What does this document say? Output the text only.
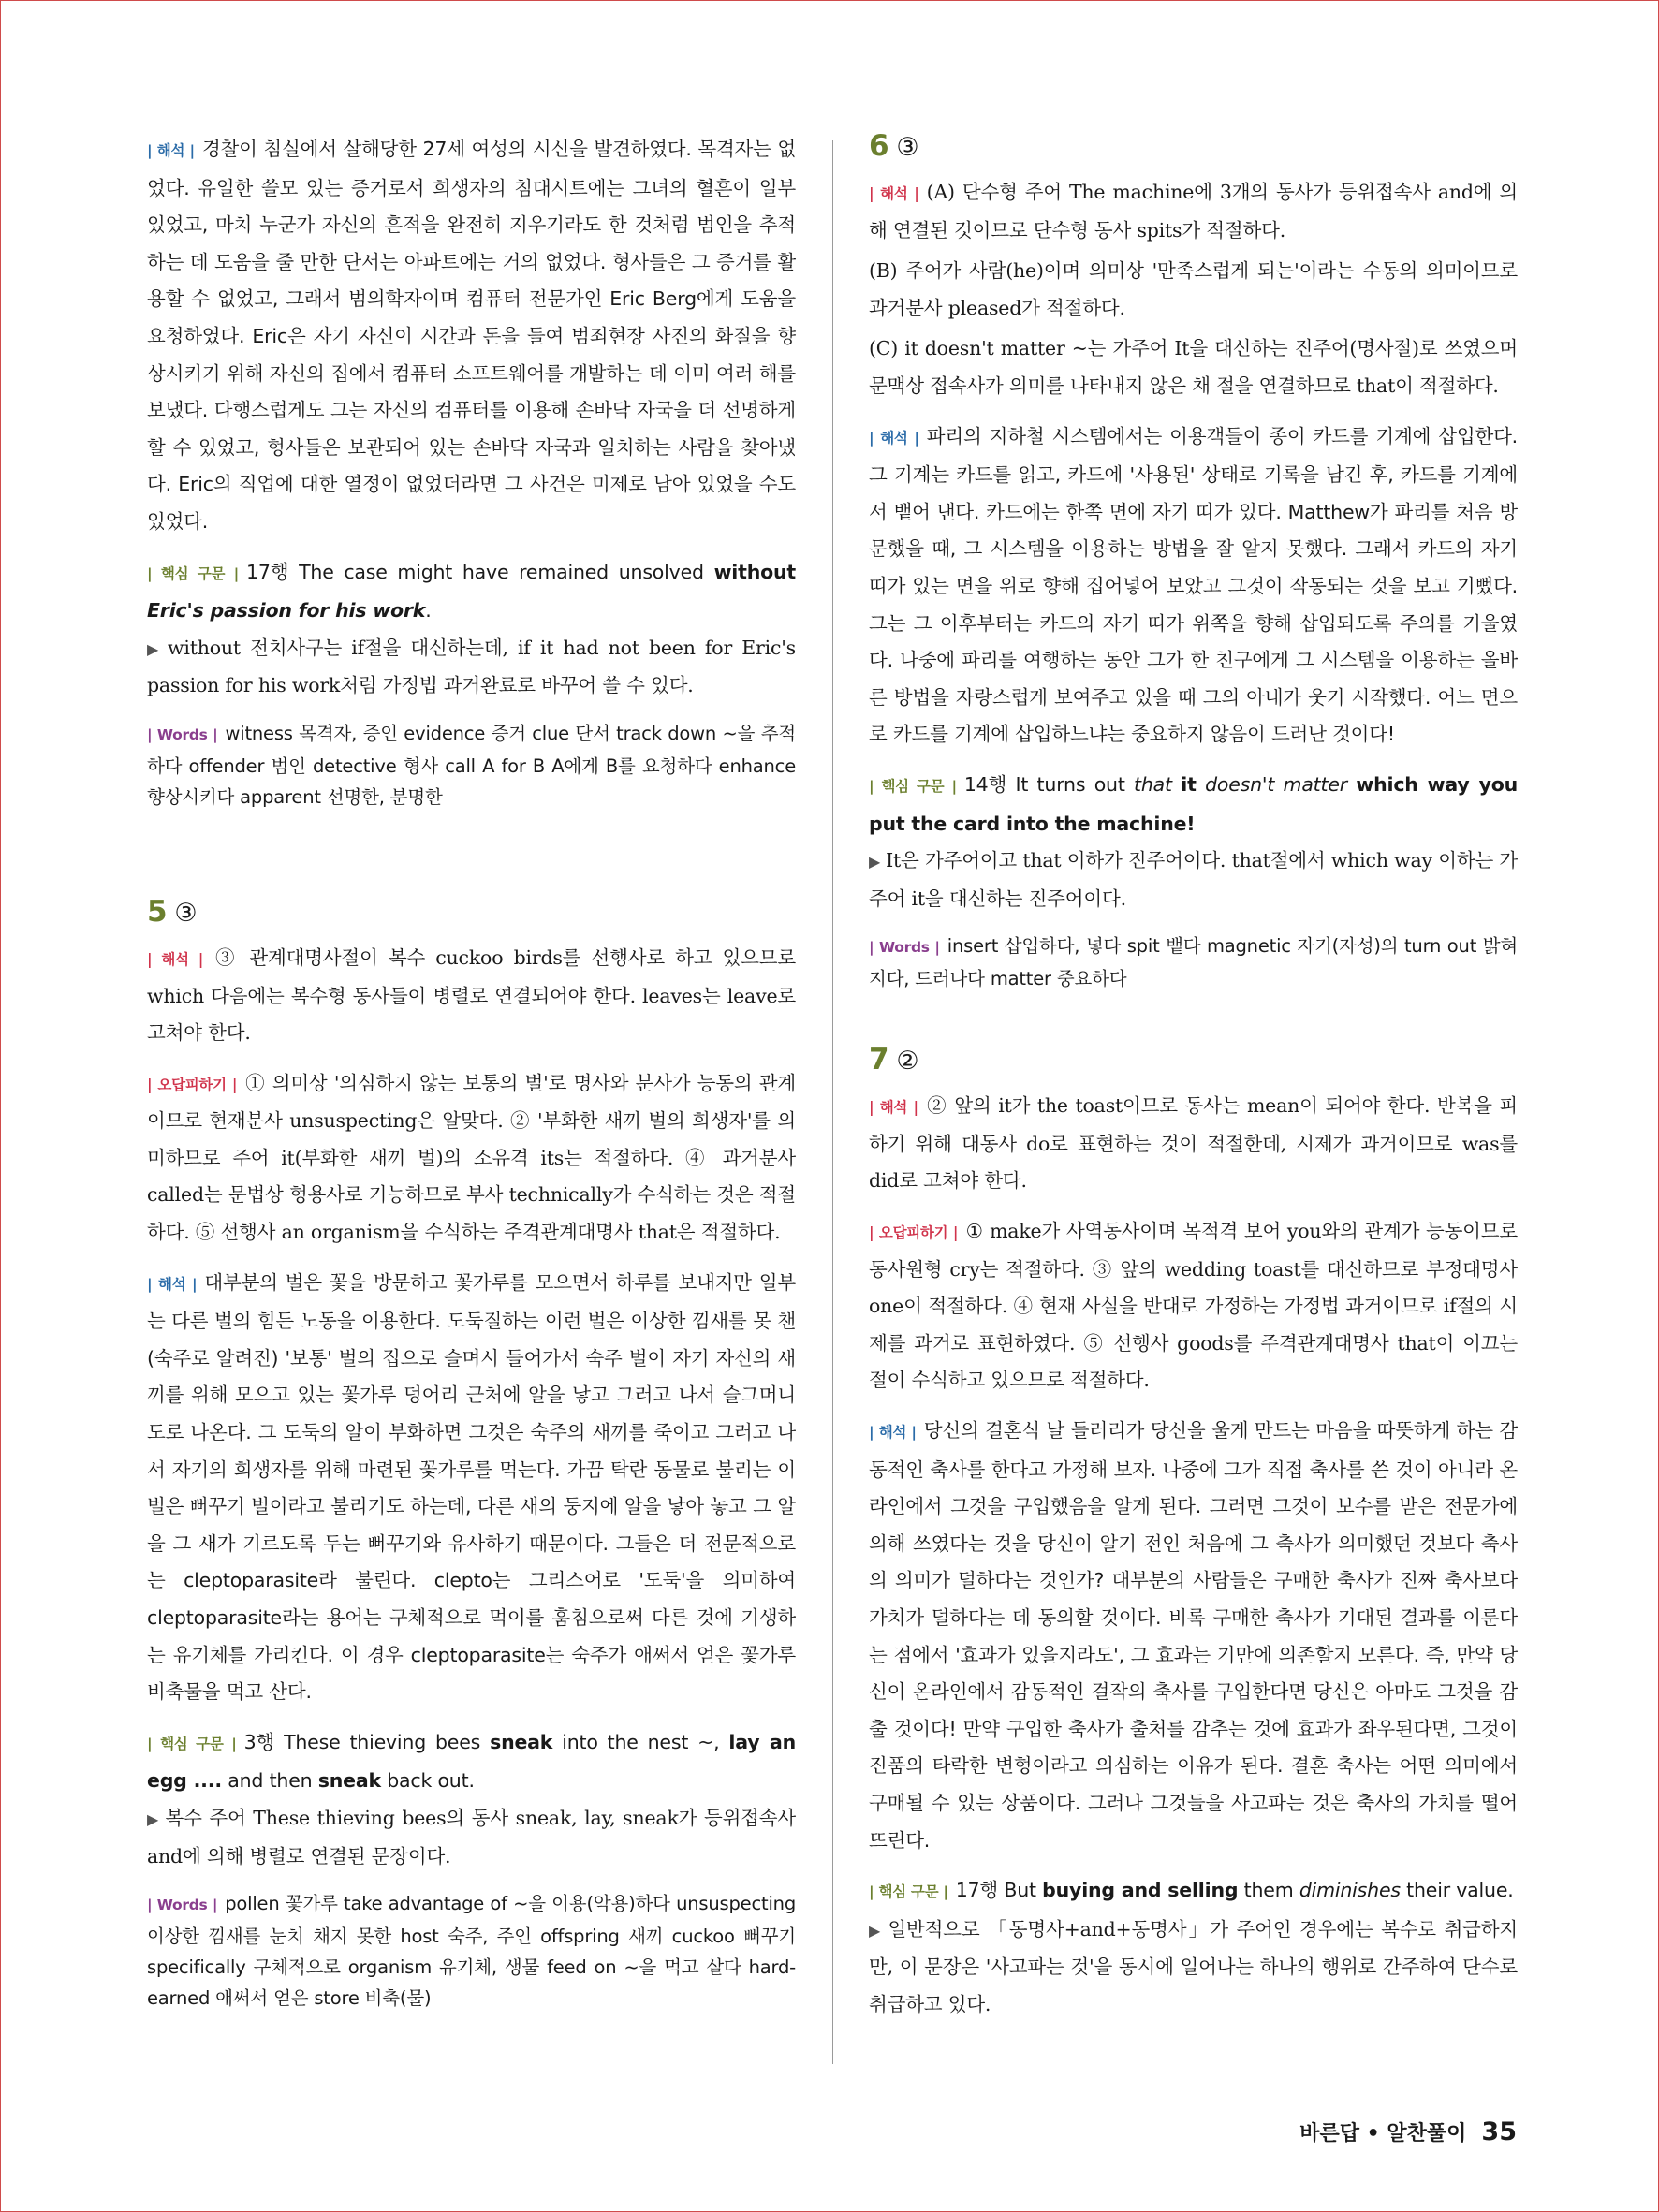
| 해석 | 경찰이 침실에서 살해당한 27세 여성의 시신을 발견하였다. 목격자는 없었다. 유일한 쓸모 있는 증거로서 희생자의 침대시트에는 그녀의 혈흔이 일부 있었고, 마치 누군가 자신의 흔적을 완전히 지우기라도 한 것처럼 범인을 추적하는 데 도움을 줄 만한 단서는 아파트에는 거의 없었다. 형사들은 그 증거를 활용할 수 없었고, 그래서 범의학자이며 컴퓨터 전문가인 Eric Berg에게 도움을 요청하였다. Eric은 자기 자신이 시간과 돈을 들여 범죄현장 사진의 화질을 향상시키기 위해 자신의 집에서 컴퓨터 소프트웨어를 개발하는 데 이미 여러 해를 보냈다. 다행스럽게도 그는 자신의 컴퓨터를 이용해 손바닥 자국을 더 선명하게 할 수 있었고, 형사들은 보관되어 있는 손바닥 자국과 일치하는 사람을 찾아냈다. Eric의 직업에 대한 열정이 없었더라면 그 사건은 미제로 남아 있었을 수도 있었다.

| 핵심 구문 | 17행 The case might have remained unsolved without Eric's passion for his work.
▶ without 전치사구는 if절을 대신하는데, if it had not been for Eric's passion for his work처럼 가정법 과거완료로 바꾸어 쓸 수 있다.

| Words | witness 목격자, 증인 evidence 증거 clue 단서 track down ~을 추적하다 offender 범인 detective 형사 call A for B A에게 B를 요청하다 enhance 향상시키다 apparent 선명한, 분명한

5 ③

| 해석 | ③ 관계대명사절이 복수 cuckoo birds를 선행사로 하고 있으므로 which 다음에는 복수형 동사들이 병렬로 연결되어야 한다. leaves는 leave로 고쳐야 한다.

| 오답피하기 | ① 의미상 '의심하지 않는 보통의 벌'로 명사와 분사가 능동의 관계이므로 현재분사 unsuspecting은 알맞다. ② '부화한 새끼 벌의 희생자'를 의미하므로 주어 it(부화한 새끼 벌)의 소유격 its는 적절하다. ④ 과거분사 called는 문법상 형용사로 기능하므로 부사 technically가 수식하는 것은 적절하다. ⑤ 선행사 an organism을 수식하는 주격관계대명사 that은 적절하다.

| 해석 | 대부분의 벌은 꽃을 방문하고 꽃가루를 모으면서 하루를 보내지만 일부는 다른 벌의 힘든 노동을 이용한다. 도둑질하는 이런 벌은 이상한 낌새를 못 챈 (숙주로 알려진) '보통' 벌의 집으로 슬며시 들어가서 숙주 벌이 자기 자신의 새끼를 위해 모으고 있는 꽃가루 덩어리 근처에 알을 낳고 그러고 나서 슬그머니 도로 나온다. 그 도둑의 알이 부화하면 그것은 숙주의 새끼를 죽이고 그러고 나서 자기의 희생자를 위해 마련된 꽃가루를 먹는다. 가끔 탁란 동물로 불리는 이 벌은 뻐꾸기 벌이라고 불리기도 하는데, 다른 새의 둥지에 알을 낳아 놓고 그 알을 그 새가 기르도록 두는 뻐꾸기와 유사하기 때문이다. 그들은 더 전문적으로는 cleptoparasite라 불린다. clepto는 그리스어로 '도둑'을 의미하여 cleptoparasite라는 용어는 구체적으로 먹이를 훔침으로써 다른 것에 기생하는 유기체를 가리킨다. 이 경우 cleptoparasite는 숙주가 애써서 얻은 꽃가루 비축물을 먹고 산다.

| 핵심 구문 | 3행 These thieving bees sneak into the nest ~, lay an egg .... and then sneak back out.
▶ 복수 주어 These thieving bees의 동사 sneak, lay, sneak가 등위접속사 and에 의해 병렬로 연결된 문장이다.

| Words | pollen 꽃가루 take advantage of ~을 이용(악용)하다 unsuspecting 이상한 낌새를 눈치 채지 못한 host 숙주, 주인 offspring 새끼 cuckoo 뻐꾸기 specifically 구체적으로 organism 유기체, 생물 feed on ~을 먹고 살다 hard-earned 애써서 얻은 store 비축(물)

6 ③

| 해석 | (A) 단수형 주어 The machine에 3개의 동사가 등위접속사 and에 의해 연결된 것이므로 단수형 동사 spits가 적절하다.

(B) 주어가 사람(he)이며 의미상 '만족스럽게 되는'이라는 수동의 의미이므로 과거분사 pleased가 적절하다.

(C) it doesn't matter ~는 가주어 It을 대신하는 진주어(명사절)로 쓰였으며 문맥상 접속사가 의미를 나타내지 않은 채 절을 연결하므로 that이 적절하다.

| 해석 | 파리의 지하철 시스템에서는 이용객들이 종이 카드를 기계에 삽입한다. 그 기계는 카드를 읽고, 카드에 '사용된' 상태로 기록을 남긴 후, 카드를 기계에서 뱉어 낸다. 카드에는 한쪽 면에 자기 띠가 있다. Matthew가 파리를 처음 방문했을 때, 그 시스템을 이용하는 방법을 잘 알지 못했다. 그래서 카드의 자기 띠가 있는 면을 위로 향해 집어넣어 보았고 그것이 작동되는 것을 보고 기뻤다. 그는 그 이후부터는 카드의 자기 띠가 위쪽을 향해 삽입되도록 주의를 기울였다. 나중에 파리를 여행하는 동안 그가 한 친구에게 그 시스템을 이용하는 올바른 방법을 자랑스럽게 보여주고 있을 때 그의 아내가 웃기 시작했다. 어느 면으로 카드를 기계에 삽입하느냐는 중요하지 않음이 드러난 것이다!

| 핵심 구문 | 14행 It turns out that it doesn't matter which way you put the card into the machine!
▶ It은 가주어이고 that 이하가 진주어이다. that절에서 which way 이하는 가주어 it을 대신하는 진주어이다.

| Words | insert 삽입하다, 넣다 spit 뱉다 magnetic 자기(자성)의 turn out 밝혀지다, 드러나다 matter 중요하다

7 ②

| 해석 | ② 앞의 it가 the toast이므로 동사는 mean이 되어야 한다. 반복을 피하기 위해 대동사 do로 표현하는 것이 적절한데, 시제가 과거이므로 was를 did로 고쳐야 한다.

| 오답피하기 | ① make가 사역동사이며 목적격 보어 you와의 관계가 능동이므로 동사원형 cry는 적절하다. ③ 앞의 wedding toast를 대신하므로 부정대명사 one이 적절하다. ④ 현재 사실을 반대로 가정하는 가정법 과거이므로 if절의 시제를 과거로 표현하였다. ⑤ 선행사 goods를 주격관계대명사 that이 이끄는 절이 수식하고 있으므로 적절하다.

| 해석 | 당신의 결혼식 날 들러리가 당신을 울게 만드는 마음을 따뜻하게 하는 감동적인 축사를 한다고 가정해 보자. 나중에 그가 직접 축사를 쓴 것이 아니라 온라인에서 그것을 구입했음을 알게 된다. 그러면 그것이 보수를 받은 전문가에 의해 쓰였다는 것을 당신이 알기 전인 처음에 그 축사가 의미했던 것보다 축사의 의미가 덜하다는 것인가? 대부분의 사람들은 구매한 축사가 진짜 축사보다 가치가 덜하다는 데 동의할 것이다. 비록 구매한 축사가 기대된 결과를 이룬다는 점에서 '효과가 있을지라도', 그 효과는 기만에 의존할지 모른다. 즉, 만약 당신이 온라인에서 감동적인 걸작의 축사를 구입한다면 당신은 아마도 그것을 감출 것이다! 만약 구입한 축사가 출처를 감추는 것에 효과가 좌우된다면, 그것이 진품의 타락한 변형이라고 의심하는 이유가 된다. 결혼 축사는 어떤 의미에서 구매될 수 있는 상품이다. 그러나 그것들을 사고파는 것은 축사의 가치를 떨어뜨린다.

| 핵심 구문 | 17행 But buying and selling them diminishes their value.
▶ 일반적으로 「동명사+and+동명사」가 주어인 경우에는 복수로 취급하지만, 이 문장은 '사고파는 것'을 동시에 일어나는 하나의 행위로 간주하여 단수로 취급하고 있다.

바른답 • 알찬풀이 35
